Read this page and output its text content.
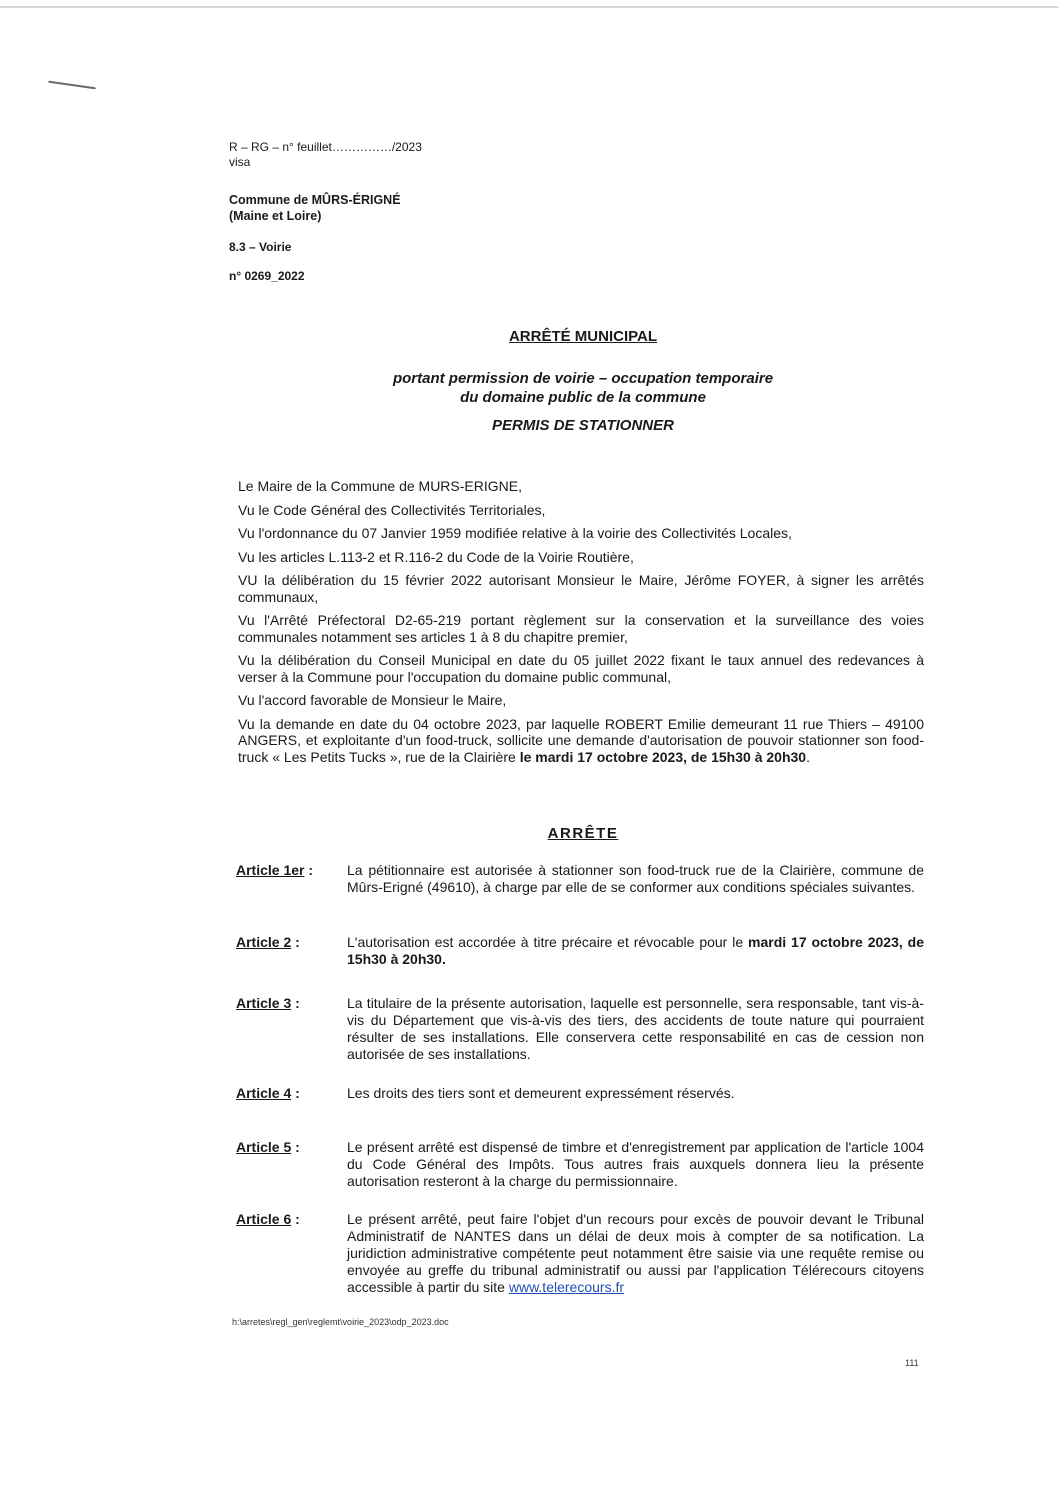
R – RG – n° feuillet……………/2023
visa
Commune de MÛRS-ÉRIGNÉ
(Maine et Loire)
8.3 – Voirie
n° 0269_2022
ARRÊTÉ MUNICIPAL
portant permission de voirie – occupation temporaire
du domaine public de la commune
PERMIS DE STATIONNER

Le Maire de la Commune de MURS-ERIGNE,

Vu le Code Général des Collectivités Territoriales,

Vu l'ordonnance du 07 Janvier 1959 modifiée relative à la voirie des Collectivités Locales,

Vu les articles L.113-2 et R.116-2 du Code de la Voirie Routière,

VU la délibération du 15 février 2022 autorisant Monsieur le Maire, Jérôme FOYER, à signer les arrêtés communaux,

Vu l'Arrêté Préfectoral D2-65-219 portant règlement sur la conservation et la surveillance des voies communales notamment ses articles 1 à 8 du chapitre premier,

Vu la délibération du Conseil Municipal en date du 05 juillet 2022 fixant le taux annuel des redevances à verser à la Commune pour l'occupation du domaine public communal,

Vu l'accord favorable de Monsieur le Maire,

Vu la demande en date du 04 octobre 2023, par laquelle ROBERT Emilie demeurant 11 rue Thiers – 49100 ANGERS, et exploitante d'un food-truck, sollicite une demande d'autorisation de pouvoir stationner son food-truck « Les Petits Tucks », rue de la Clairière le mardi 17 octobre 2023, de 15h30 à 20h30.

ARRÊTE
Article 1er :	La pétitionnaire est autorisée à stationner son food-truck rue de la Clairière, commune de Mûrs-Erigné (49610), à charge par elle de se conformer aux conditions spéciales suivantes.
Article 2 :	L'autorisation est accordée à titre précaire et révocable pour le mardi 17 octobre 2023, de 15h30 à 20h30.
Article 3 :	La titulaire de la présente autorisation, laquelle est personnelle, sera responsable, tant vis-à-vis du Département que vis-à-vis des tiers, des accidents de toute nature qui pourraient résulter de ses installations. Elle conservera cette responsabilité en cas de cession non autorisée de ses installations.
Article 4 :	Les droits des tiers sont et demeurent expressément réservés.
Article 5 :	Le présent arrêté est dispensé de timbre et d'enregistrement par application de l'article 1004 du Code Général des Impôts. Tous autres frais auxquels donnera lieu la présente autorisation resteront à la charge du permissionnaire.
Article 6 :	Le présent arrêté, peut faire l'objet d'un recours pour excès de pouvoir devant le Tribunal Administratif de NANTES dans un délai de deux mois à compter de sa notification. La juridiction administrative compétente peut notamment être saisie via une requête remise ou envoyée au greffe du tribunal administratif ou aussi par l'application Télérecours citoyens accessible à partir du site www.telerecours.fr
h:\arretes\regl_gen\reglemt\voirie_2023\odp_2023.doc
111
